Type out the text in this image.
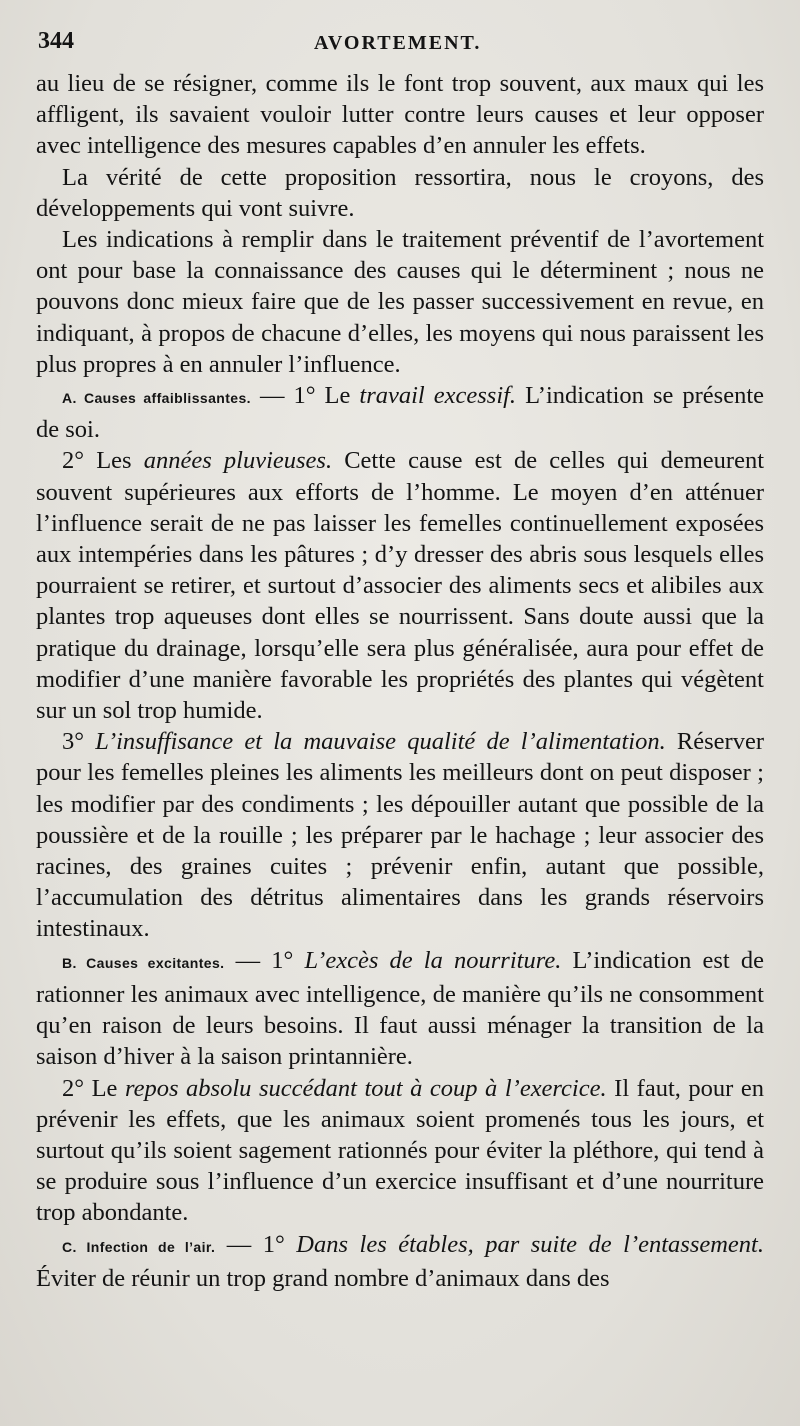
344	AVORTEMENT.

au lieu de se résigner, comme ils le font trop souvent, aux maux qui les affligent, ils savaient vouloir lutter contre leurs causes et leur opposer avec intelligence des mesures capables d’en annuler les effets.

La vérité de cette proposition ressortira, nous le croyons, des développements qui vont suivre.

Les indications à remplir dans le traitement préventif de l’avortement ont pour base la connaissance des causes qui le déterminent ; nous ne pouvons donc mieux faire que de les passer successivement en revue, en indiquant, à propos de chacune d’elles, les moyens qui nous paraissent les plus propres à en annuler l’influence.

A. Causes affaiblissantes. — 1° Le travail excessif. L’indication se présente de soi.

2° Les années pluvieuses. Cette cause est de celles qui demeurent souvent supérieures aux efforts de l’homme. Le moyen d’en atténuer l’influence serait de ne pas laisser les femelles continuellement exposées aux intempéries dans les pâtures ; d’y dresser des abris sous lesquels elles pourraient se retirer, et surtout d’associer des aliments secs et alibiles aux plantes trop aqueuses dont elles se nourrissent. Sans doute aussi que la pratique du drainage, lorsqu’elle sera plus généralisée, aura pour effet de modifier d’une manière favorable les propriétés des plantes qui végètent sur un sol trop humide.

3° L’insuffisance et la mauvaise qualité de l’alimentation. Réserver pour les femelles pleines les aliments les meilleurs dont on peut disposer ; les modifier par des condiments ; les dépouiller autant que possible de la poussière et de la rouille ; les préparer par le hachage ; leur associer des racines, des graines cuites ; prévenir enfin, autant que possible, l’accumulation des détritus alimentaires dans les grands réservoirs intestinaux.

B. Causes excitantes. — 1° L’excès de la nourriture. L’indication est de rationner les animaux avec intelligence, de manière qu’ils ne consomment qu’en raison de leurs besoins. Il faut aussi ménager la transition de la saison d’hiver à la saison printannière.

2° Le repos absolu succédant tout à coup à l’exercice. Il faut, pour en prévenir les effets, que les animaux soient promenés tous les jours, et surtout qu’ils soient sagement rationnés pour éviter la pléthore, qui tend à se produire sous l’influence d’un exercice insuffisant et d’une nourriture trop abondante.

C. Infection de l’air. — 1° Dans les étables, par suite de l’entassement. Éviter de réunir un trop grand nombre d’animaux dans des
